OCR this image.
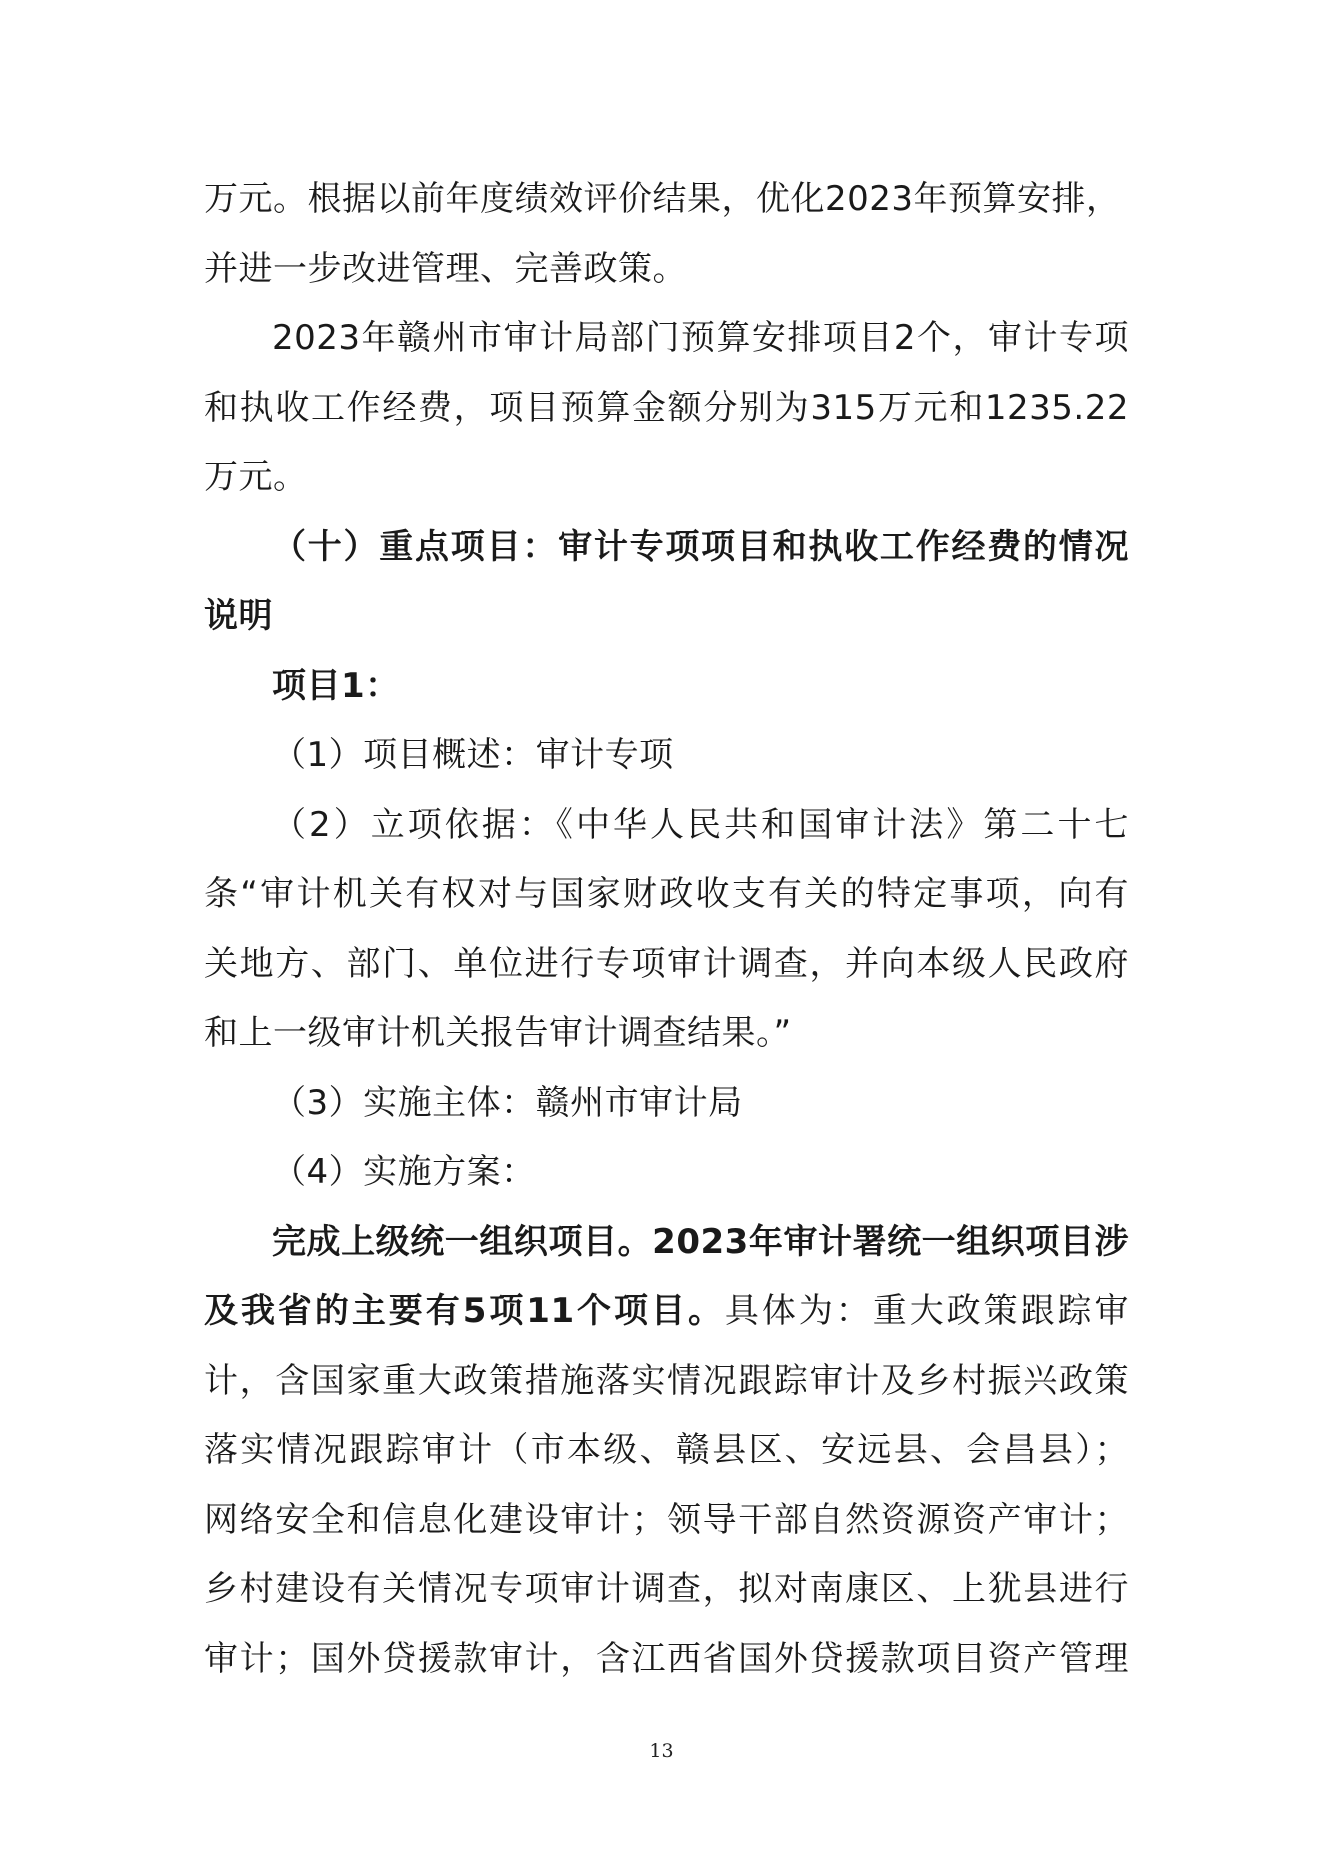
万元。根据以前年度绩效评价结果，优化2023年预算安排，
并进一步改进管理、完善政策。
2023年赣州市审计局部门预算安排项目2个，审计专项
和执收工作经费，项目预算金额分别为315万元和1235.22
万元。
（十）重点项目：审计专项项目和执收工作经费的情况
说明
项目1：
（1）项目概述：审计专项
（2）立项依据：《中华人民共和国审计法》第二十七
条“审计机关有权对与国家财政收支有关的特定事项，向有
关地方、部门、单位进行专项审计调查，并向本级人民政府
和上一级审计机关报告审计调查结果。”
（3）实施主体：赣州市审计局
（4）实施方案：
完成上级统一组织项目。2023年审计署统一组织项目涉
及我省的主要有5项11个项目。具体为：重大政策跟踪审
计，含国家重大政策措施落实情况跟踪审计及乡村振兴政策
落实情况跟踪审计（市本级、赣县区、安远县、会昌县）；
网络安全和信息化建设审计；领导干部自然资源资产审计；
乡村建设有关情况专项审计调查，拟对南康区、上犹县进行
审计；国外贷援款审计，含江西省国外贷援款项目资产管理
13
